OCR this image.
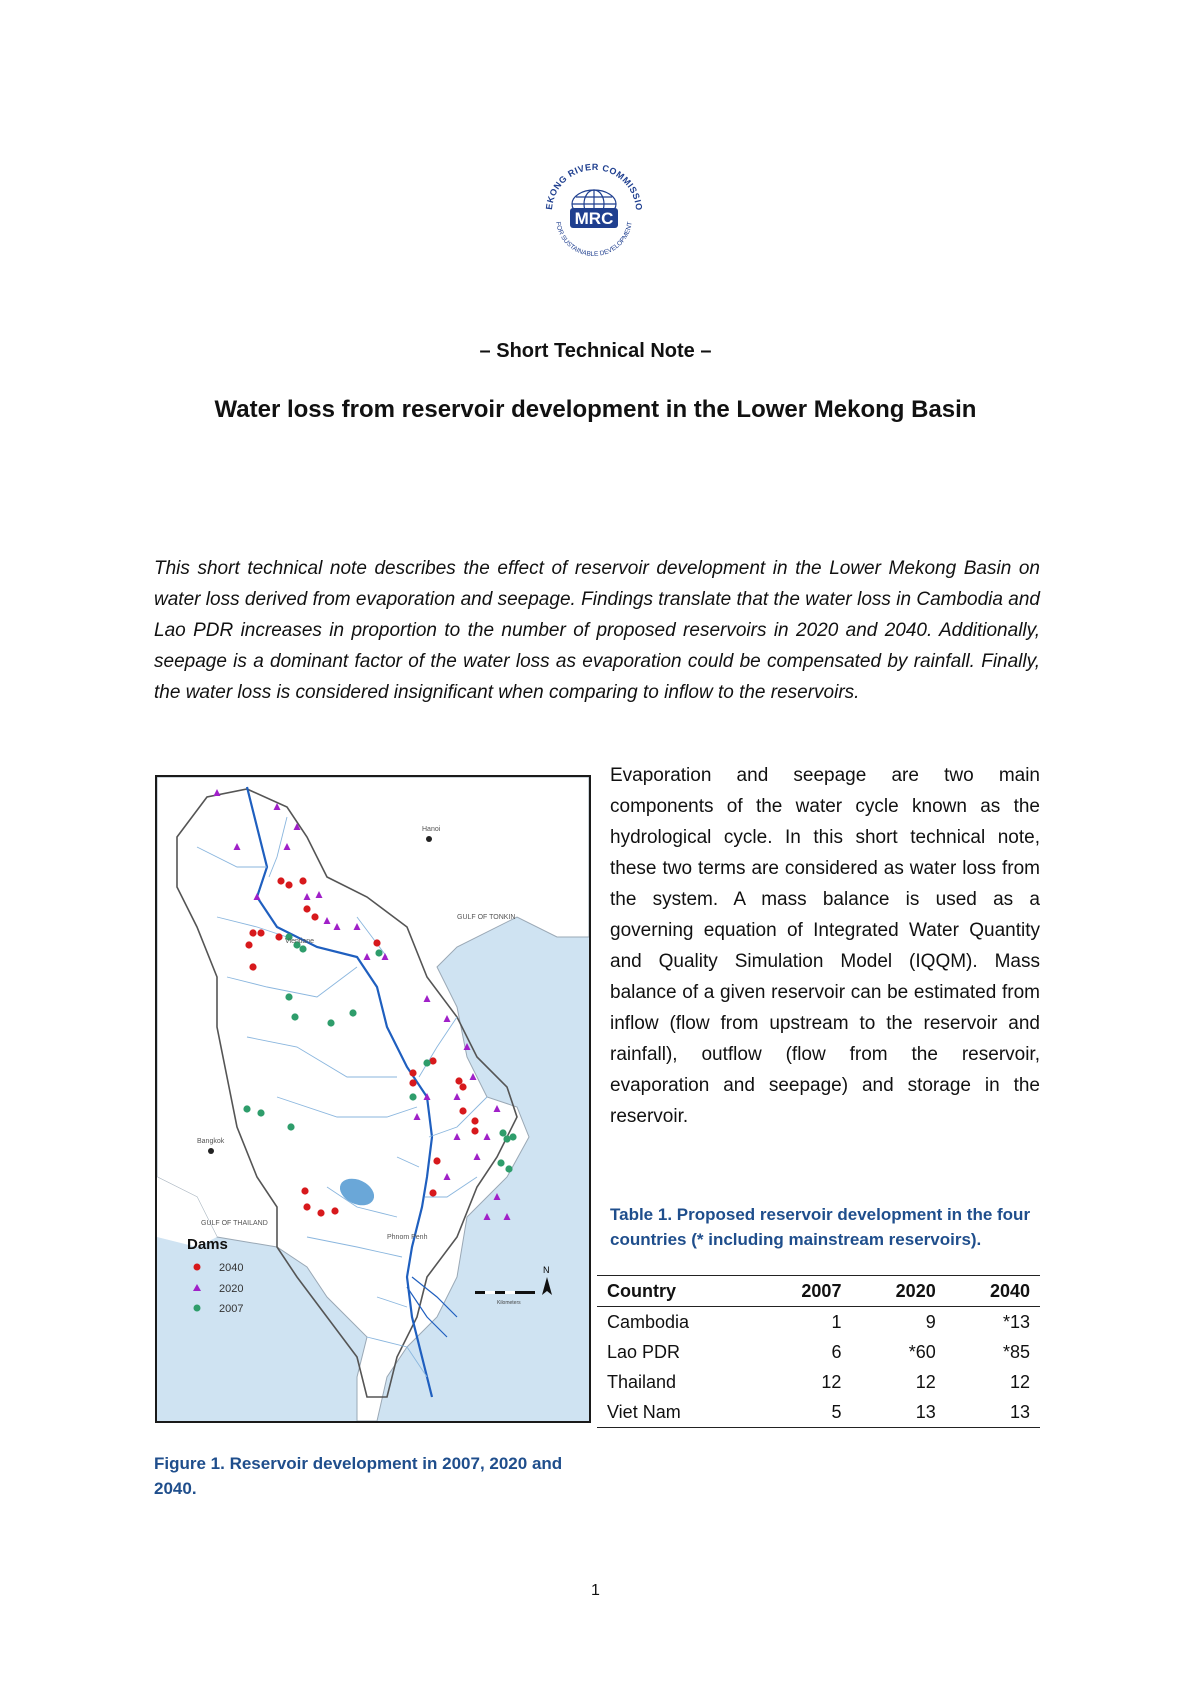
EKONG RIVER COMMISSIO
FOR SUSTAINABLE DEVELOPMENT
MRC
– Short Technical Note –
Water loss from reservoir development in the Lower Mekong Basin

This short technical note describes the effect of reservoir development in the Lower Mekong Basin on water loss derived from evaporation and seepage. Findings translate that the water loss in Cambodia and Lao PDR increases in proportion to the number of proposed reservoirs in 2020 and 2040. Additionally, seepage is a dominant factor of the water loss as evaporation could be compensated by rainfall. Finally, the water loss is considered insignificant when comparing to inflow to the reservoirs.

GULF OF TONKIN
GULF OF THAILAND
Hanoi
Vientiane
Bangkok
Phnom Penh
N
Kilometers
Dams
2040
2020
2007

Figure 1. Reservoir development in 2007, 2020 and 2040.

Evaporation and seepage are two main components of the water cycle known as the hydrological cycle. In this short technical note, these two terms are considered as water loss from the system. A mass balance is used as a governing equation of Integrated Water Quantity and Quality Simulation Model (IQQM). Mass balance of a given reservoir can be estimated from inflow (flow from upstream to the reservoir and rainfall), outflow (flow from the reservoir, evaporation and seepage) and storage in the reservoir.

Table 1. Proposed reservoir development in the four countries (* including mainstream reservoirs).

Country	2007	2020	2040
Cambodia	1	9	*13
Lao PDR	6	*60	*85
Thailand	12	12	12
Viet Nam	5	13	13
1
